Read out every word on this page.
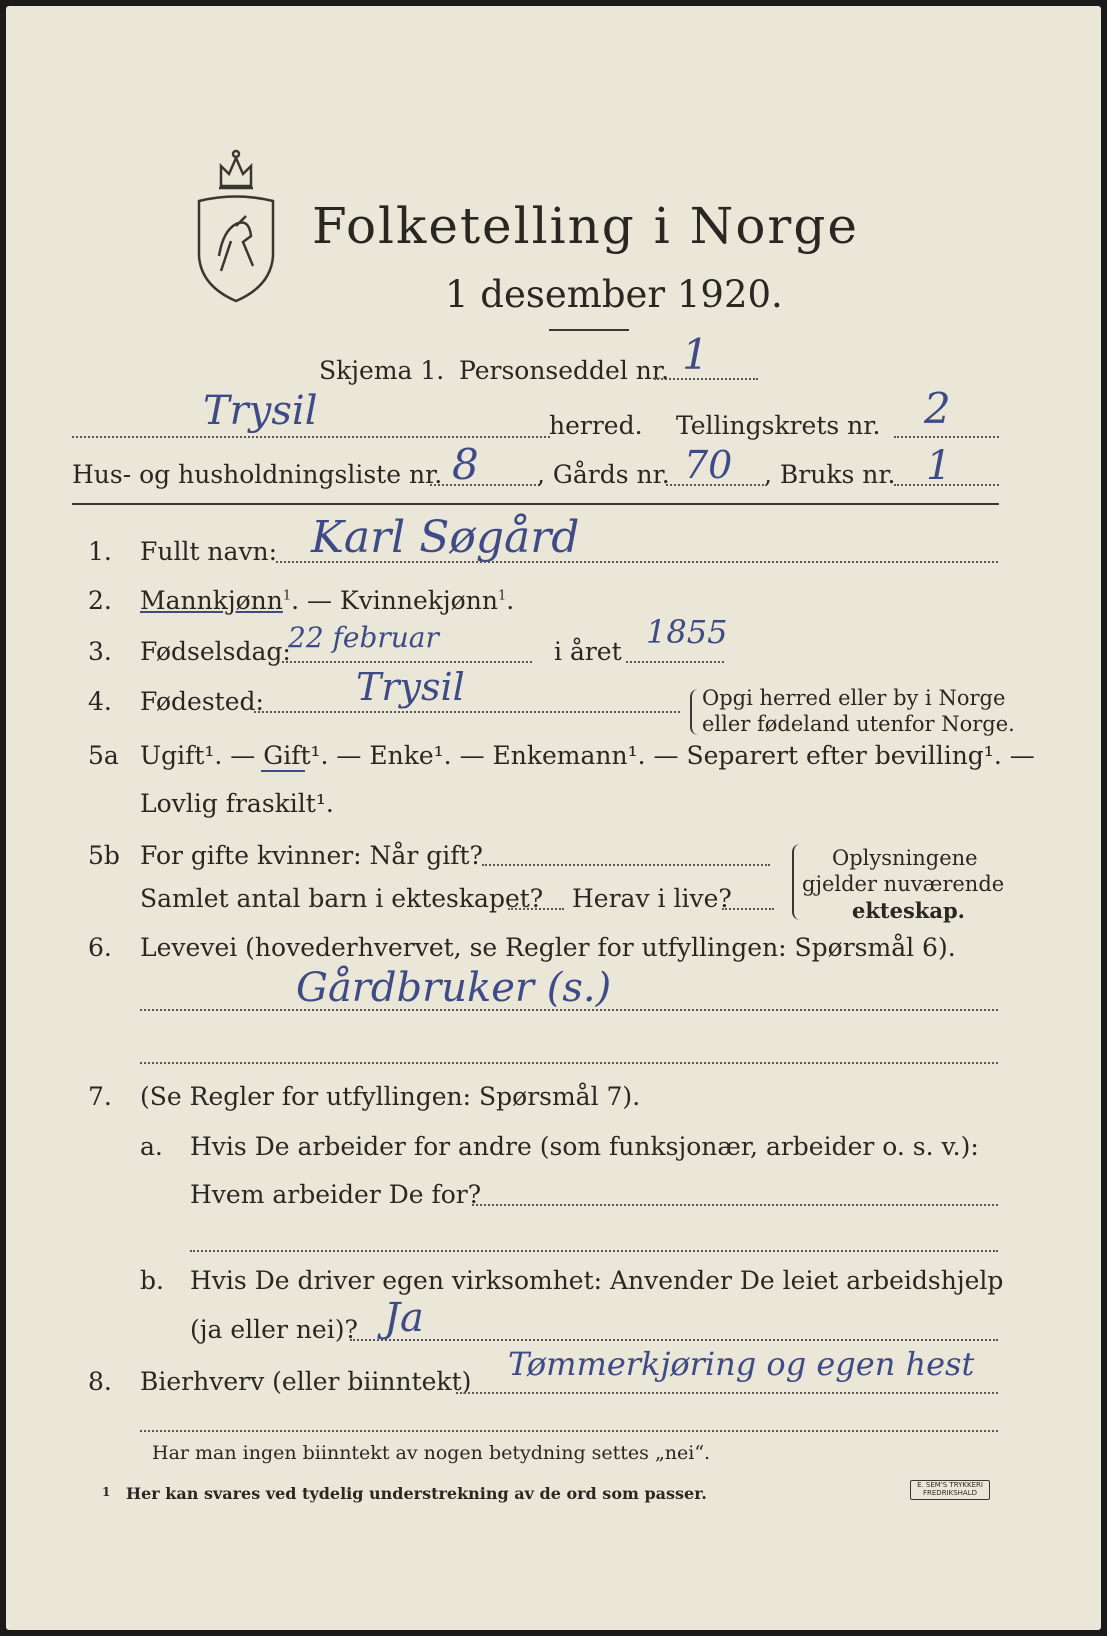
Folketelling i Norge
1 desember 1920.
Skjema 1. Personseddel nr. 1
Trysil	herred. Tellingskrets nr. 2
Hus- og husholdningsliste nr. 8 , Gårds nr. 70 , Bruks nr. 1
1. Fullt navn: Karl Søgård
2. Mannkjønn$^1$. — Kvinnekjønn$^1$.
3. Fødselsdag:
22 februar	i året
1855
4. Fødested: Trysil	Opgi herred eller by i Norge
eller fødeland utenfor Norge.
5a Ugift¹. — Gift¹. — Enke¹. — Enkemann¹. — Separert efter bevilling¹. —
Lovlig fraskilt¹.
5b For gifte kvinner: Når gift?
Samlet antal barn i ekteskapet? Herav i live?
Oplysningene
gjelder nuværende
ekteskap.
6. Levevei (hovederhvervet, se Regler for utfyllingen: Spørsmål 6).
Gårdbruker (s.)
7. (Se Regler for utfyllingen: Spørsmål 7).
a. Hvis De arbeider for andre (som funksjonær, arbeider o. s. v.):
Hvem arbeider De for?
b. Hvis De driver egen virksomhet: Anvender De leiet arbeidshjelp
(ja eller nei)? Ja
8. Bierhverv (eller biinntekt) Tømmerkjøring og egen hest
Har man ingen biinntekt av nogen betydning settes „nei“.
1 Her kan svares ved tydelig understrekning av de ord som passer.	E. SEM'S TRYKKERI
FREDRIKSHALD
